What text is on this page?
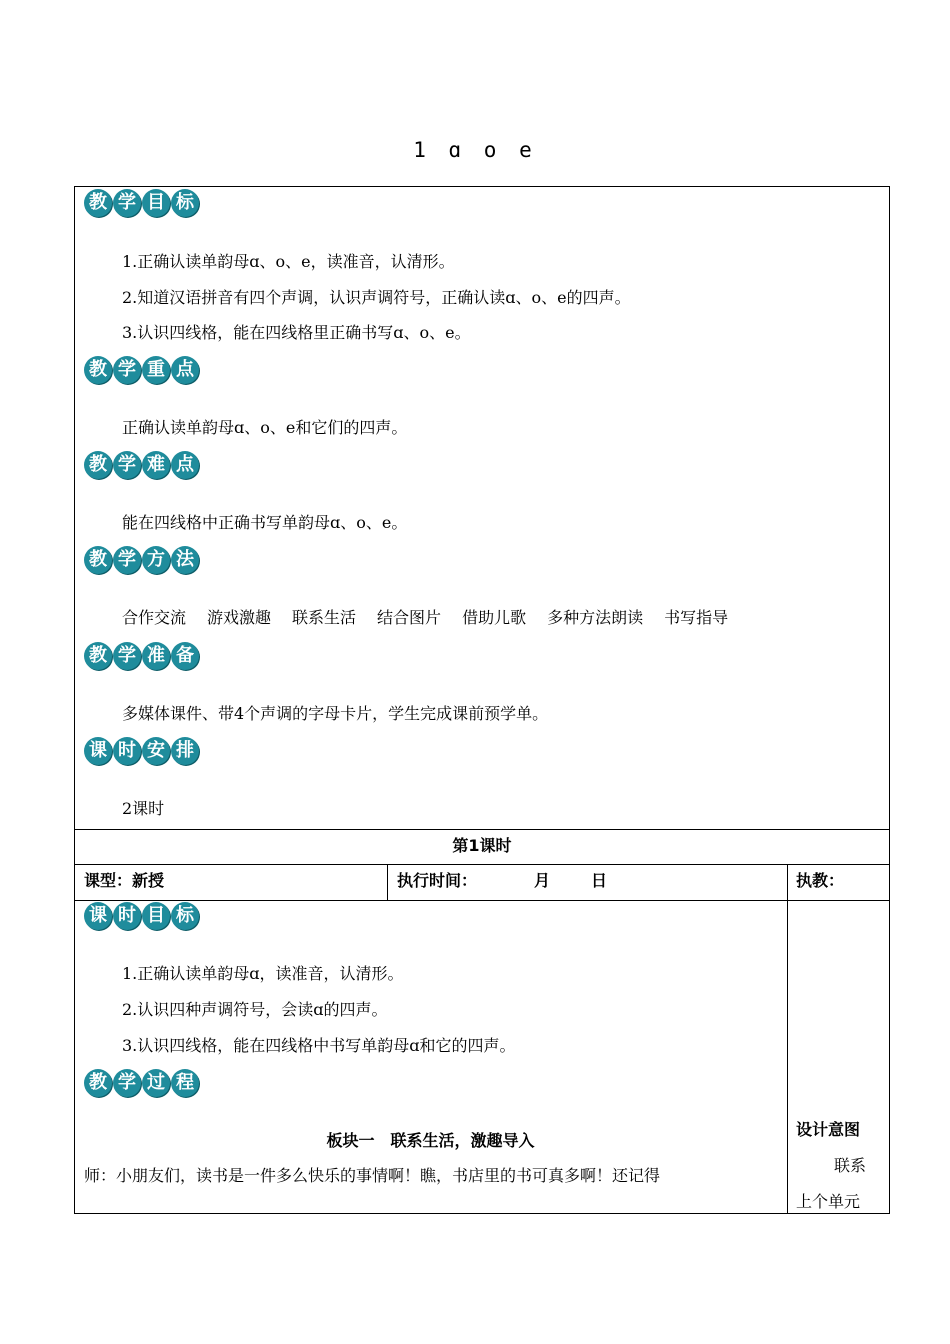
1 ɑ o e
教 学 目 标
1.正确认读单韵母ɑ、o、e，读准音，认清形。
2.知道汉语拼音有四个声调，认识声调符号，正确认读ɑ、o、e的四声。
3.认识四线格，能在四线格里正确书写ɑ、o、e。
教 学 重 点
正确认读单韵母ɑ、o、e和它们的四声。
教 学 难 点
能在四线格中正确书写单韵母ɑ、o、e。
教 学 方 法
合作交流 游戏激趣 联系生活 结合图片 借助儿歌 多种方法朗读 书写指导
教 学 准 备
多媒体课件、带4个声调的字母卡片，学生完成课前预学单。
课 时 安 排
2课时
第1课时
课型：新授	执行时间：	月	日	执教：
课 时 目 标
1.正确认读单韵母ɑ，读准音，认清形。
2.认识四种声调符号，会读ɑ的四声。
3.认识四线格，能在四线格中书写单韵母ɑ和它的四声。
教 学 过 程
板块一　联系生活，激趣导入
师：小朋友们，读书是一件多么快乐的事情啊！瞧，书店里的书可真多啊！还记得
设计意图
联系
上个单元
